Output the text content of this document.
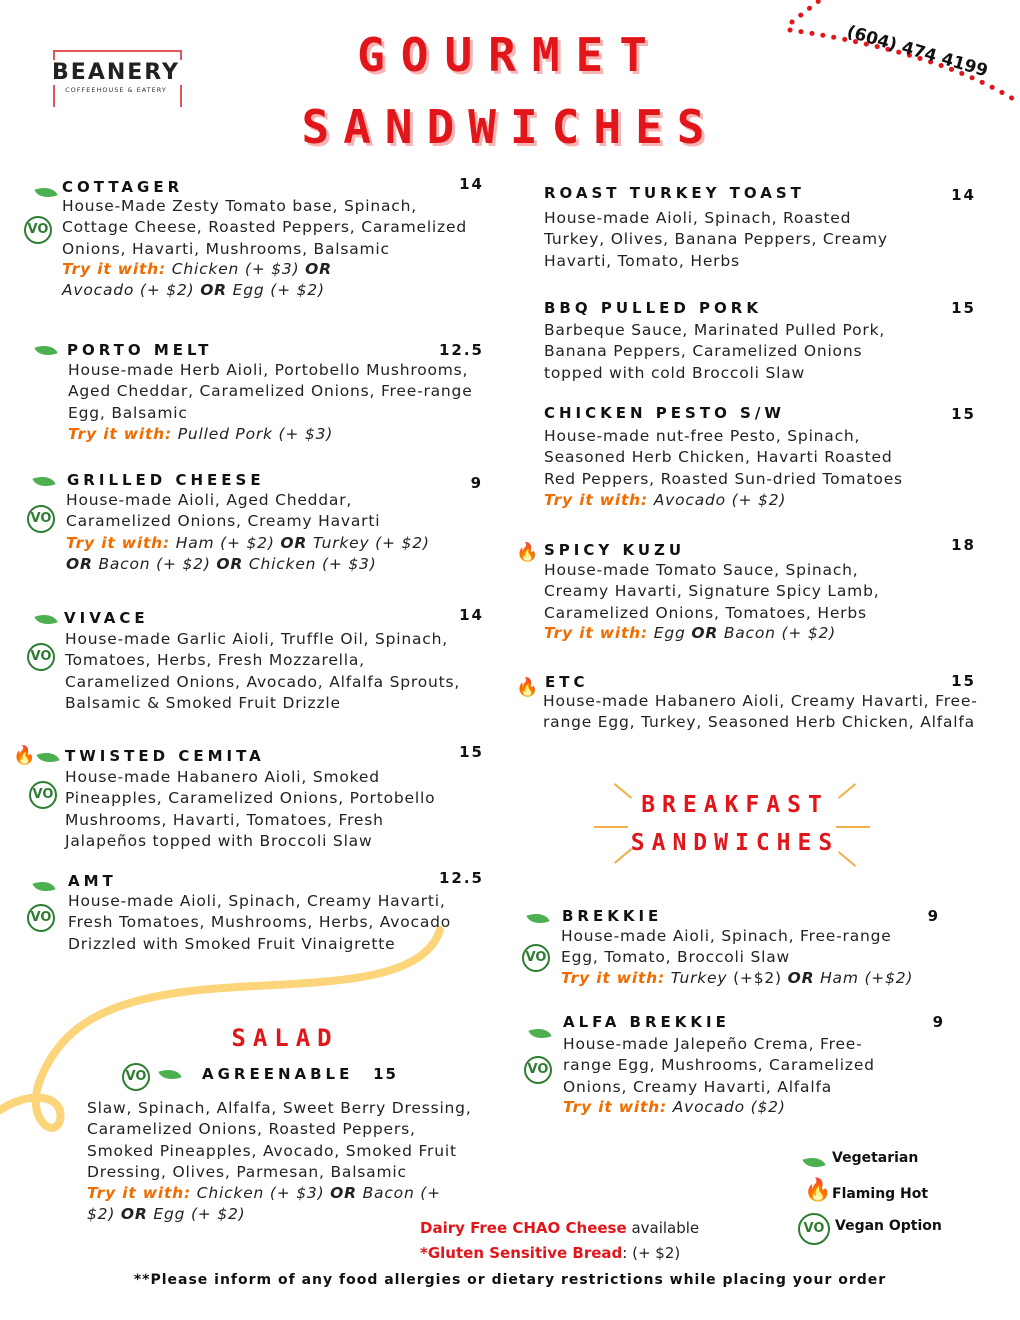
BEANERY
COFFEEHOUSE & EATERY
GOURMET
SANDWICHES
(604) 474 4199
VO
COTTAGER	14
House-Made Zesty Tomato base, Spinach, Cottage Cheese, Roasted Peppers, Caramelized Onions, Havarti, Mushrooms, Balsamic
Try it with: Chicken (+ $3) OR Avocado (+ $2) OR Egg (+ $2)
PORTO MELT	12.5
House-made Herb Aioli, Portobello Mushrooms, Aged Cheddar, Caramelized Onions, Free-range Egg, Balsamic
Try it with: Pulled Pork (+ $3)
VO
GRILLED CHEESE	9
House-made Aioli, Aged Cheddar, Caramelized Onions, Creamy Havarti
Try it with: Ham (+ $2) OR Turkey (+ $2) OR Bacon (+ $2) OR Chicken (+ $3)
VO
VIVACE	14
House-made Garlic Aioli, Truffle Oil, Spinach, Tomatoes, Herbs, Fresh Mozzarella, Caramelized Onions, Avocado, Alfalfa Sprouts, Balsamic & Smoked Fruit Drizzle
🔥
VO
TWISTED CEMITA	15
House-made Habanero Aioli, Smoked Pineapples, Caramelized Onions, Portobello Mushrooms, Havarti, Tomatoes, Fresh Jalapeños topped with Broccoli Slaw
VO
AMT	12.5
House-made Aioli, Spinach, Creamy Havarti, Fresh Tomatoes, Mushrooms, Herbs, Avocado Drizzled with Smoked Fruit Vinaigrette
SALAD
VO	AGREENABLE	15
Slaw, Spinach, Alfalfa, Sweet Berry Dressing, Caramelized Onions, Roasted Peppers, Smoked Pineapples, Avocado, Smoked Fruit Dressing, Olives, Parmesan, Balsamic
Try it with: Chicken (+ $3) OR Bacon (+ $2) OR Egg (+ $2)
ROAST TURKEY TOAST	14
House-made Aioli, Spinach, Roasted Turkey, Olives, Banana Peppers, Creamy Havarti, Tomato, Herbs
BBQ PULLED PORK	15
Barbeque Sauce, Marinated Pulled Pork, Banana Peppers, Caramelized Onions topped with cold Broccoli Slaw
CHICKEN PESTO S/W	15
House-made nut-free Pesto, Spinach, Seasoned Herb Chicken, Havarti Roasted Red Peppers, Roasted Sun-dried Tomatoes
Try it with: Avocado (+ $2)
🔥 SPICY KUZU	18
House-made Tomato Sauce, Spinach, Creamy Havarti, Signature Spicy Lamb, Caramelized Onions, Tomatoes, Herbs
Try it with: Egg OR Bacon (+ $2)
🔥 ETC	15
House-made Habanero Aioli, Creamy Havarti, Free-range Egg, Turkey, Seasoned Herb Chicken, Alfalfa
BREAKFAST
SANDWICHES
VO
BREKKIE	9
House-made Aioli, Spinach, Free-range Egg, Tomato, Broccoli Slaw
Try it with: Turkey (+$2) OR Ham (+$2)
VO
ALFA BREKKIE	9
House-made Jalepeño Crema, Free-range Egg, Mushrooms, Caramelized Onions, Creamy Havarti, Alfalfa
Try it with: Avocado ($2)
Vegetarian
🔥 Flaming Hot
VO Vegan Option
Dairy Free CHAO Cheese available
*Gluten Sensitive Bread: (+ $2)
**Please inform of any food allergies or dietary restrictions while placing your order
